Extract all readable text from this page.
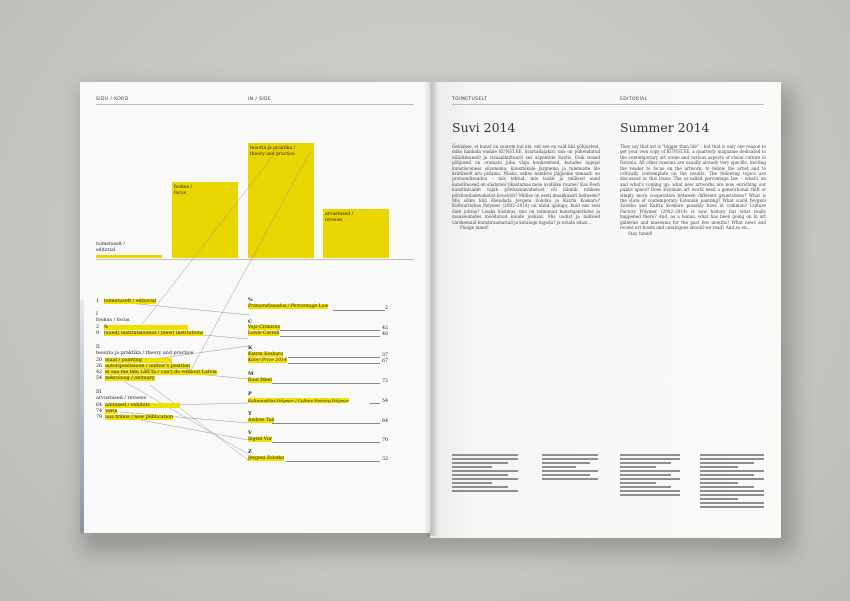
SIDU / KORD	IN / SIDE
toimetuselt /
editorial
fookus /
focus
teooria ja praktika /
theory and practice
arvustused /
reviews
1 toimetuselt / editorial
I
fookus / focus
2 %
8 (uued) institutsioonid / (new) institutions
II
teooria ja praktika / theory and practice
20 maal / painting
26 autoripositsioon / author's position
42 ei saa me läbi Läti ta / can't do without Latvia
54 nekroloog / obituary
III
arvustused / reviews
64 näitused / exhibits
74 varia
79 uus trükis / new publication
%
Protsendiseadus / Percentage Law	2
C
Vaja Crimisus	42
Lewis Carroll	48
K
Katrin Koskaru	37
Köler Prize 2014	67
M
Raul Meel	73
P
Kulturaviklas Polymer / Culture Factory Polymer	54
T
Andres Tali	64
V
Sigrid Viir	70
Z
Jevgeni Zolotko	32
TOIMETUSELT	EDITORIAL
Suvi 2014	Summer 2014
Öeldakse, et kunst on suurem kui elu, ent see on vaid üks põhjustest, miks hankida endale KUNST.EE, kvartaliajakiri, mis on pühendatud nüüdiskunstil ja visuaalkultuuril ses aspektide Eestis. Enik teised põhjused on oramatu juba väga konkreetsed, kutudes lugejat kunstisceness siivenema, kunstnikule järgnema ja tulemuste üle kriitiliselt aru pidama. Niisiis, selles numbris jälgisime temaad: on protsendiseadus – mis tehtud, mis tookit ja millised uued kunstiteosed on süidatsel rikastamas meie avalikke ruume? Kas Eesti kunstimaailm vajab põlvkonnavahetust või lähmib rohkem põlvkondadevahelist koostööt? Millise on eesti maalikunsti heitesele? Mis sõiku küll õhendada Jevgeni Zolotko ja Katrin Koskaru? Kultuuritehas Polymer (2002–2014) on nüüd ajalugu, kuid mis seal õieti juhtus? Lisaks küsimus, mis on toimunud kunstigaleriides ja muuseumides möödunud kuude jooksul. Mis uudist ja millised värskemaid kunstiraamatuid ja kataloge lugeda? ja nõuda edasi…
Püsige lainel!
They say that art is "bigger than life" – but that is only one reason to get your own copy of KUNST.EE, a quarterly magazine dedicated to the contemporary art scene and various aspects of visual culture in Estonia. All other reasons are usually already very specific, inviting the reader to focus on the artwork, to follow the artist and to critically contemplate on the results. The following topics are discussed in this issue: The so-called percentage law – what's on and what's coming up; what new artworks are now enriching our public space? Does Estonian art world need a generational shift or simply more cooperation between different generations? What is the state of contemporary Estonian painting? What could Yevgeni Zolotko and Katrin Koskaru possibly have in common? Culture Factory Polymer (2002–2014) is now history but what really happened there? And, as a bonus, what has been going on in art galleries and museums for the past few months? What news and recent art books and catalogues should we read? And so on…
Stay tuned!
